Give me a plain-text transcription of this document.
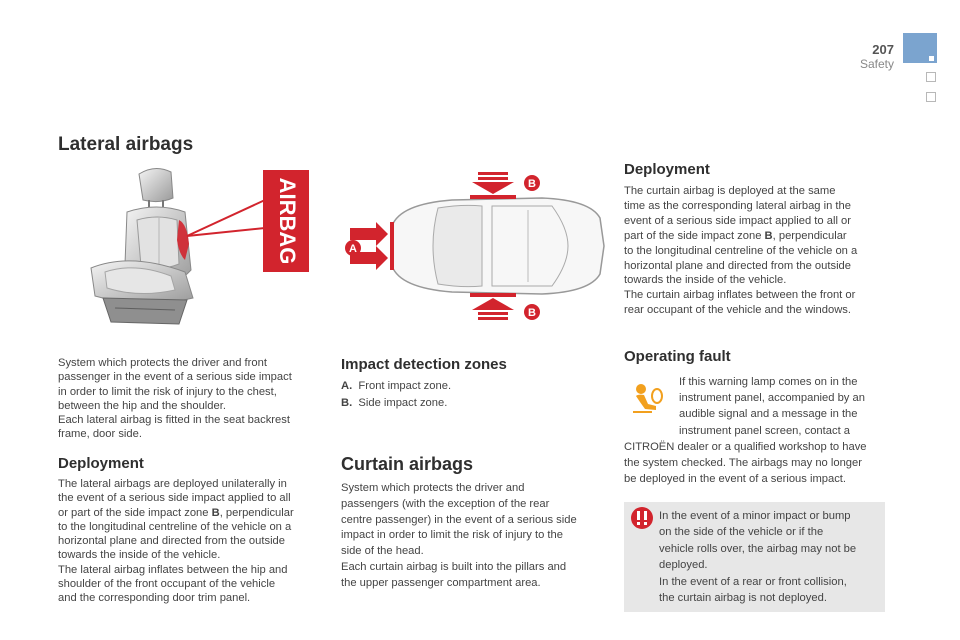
207
Safety
Lateral airbags
AIRBAG	A
B
B
System which protects the driver and front
passenger in the event of a serious side impact
in order to limit the risk of injury to the chest,
between the hip and the shoulder.
Each lateral airbag is fitted in the seat backrest
frame, door side.
Deployment
The lateral airbags are deployed unilaterally in
the event of a serious side impact applied to all
or part of the side impact zone B, perpendicular
to the longitudinal centreline of the vehicle on a
horizontal plane and directed from the outside
towards the inside of the vehicle.
The lateral airbag inflates between the hip and
shoulder of the front occupant of the vehicle
and the corresponding door trim panel.
Impact detection zones
A. Front impact zone.
B. Side impact zone.
Curtain airbags
System which protects the driver and
passengers (with the exception of the rear
centre passenger) in the event of a serious side
impact in order to limit the risk of injury to the
side of the head.
Each curtain airbag is built into the pillars and
the upper passenger compartment area.
Deployment
The curtain airbag is deployed at the same
time as the corresponding lateral airbag in the
event of a serious side impact applied to all or
part of the side impact zone B, perpendicular
to the longitudinal centreline of the vehicle on a
horizontal plane and directed from the outside
towards the inside of the vehicle.
The curtain airbag inflates between the front or
rear occupant of the vehicle and the windows.
Operating fault
If this warning lamp comes on in the
instrument panel, accompanied by an
audible signal and a message in the
instrument panel screen, contact a
CITROËN dealer or a qualified workshop to have
the system checked. The airbags may no longer
be deployed in the event of a serious impact.
In the event of a minor impact or bump
on the side of the vehicle or if the
vehicle rolls over, the airbag may not be
deployed.
In the event of a rear or front collision,
the curtain airbag is not deployed.
